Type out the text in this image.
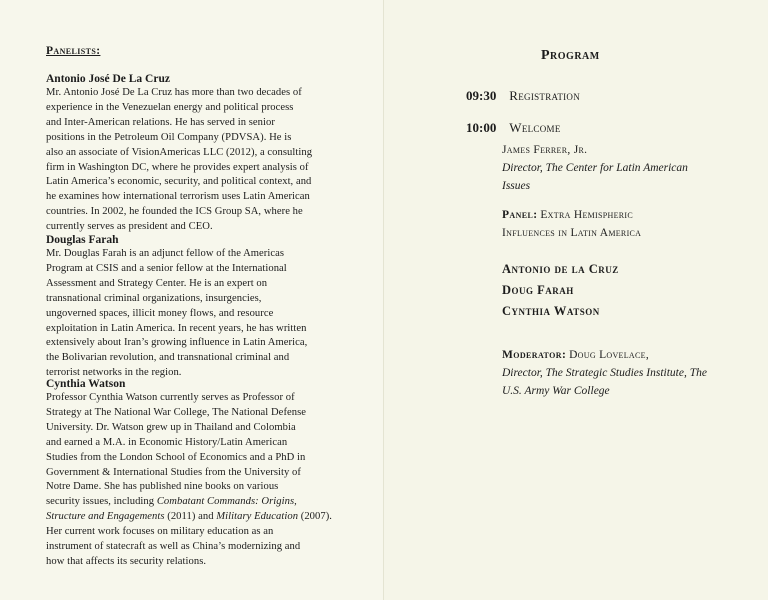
Panelists:
Antonio José De La Cruz
Mr. Antonio José De La Cruz has more than two decades of
experience in the Venezuelan energy and political process
and Inter-American relations. He has served in senior
positions in the Petroleum Oil Company (PDVSA). He is
also an associate of VisionAmericas LLC (2012), a consulting
firm in Washington DC, where he provides expert analysis of
Latin America’s economic, security, and political context, and
he examines how international terrorism uses Latin American
countries. In 2002, he founded the ICS Group SA, where he
currently serves as president and CEO.
Douglas Farah
Mr. Douglas Farah is an adjunct fellow of the Americas
Program at CSIS and a senior fellow at the International
Assessment and Strategy Center. He is an expert on
transnational criminal organizations, insurgencies,
ungoverned spaces, illicit money flows, and resource
exploitation in Latin America. In recent years, he has written
extensively about Iran’s growing influence in Latin America,
the Bolivarian revolution, and transnational criminal and
terrorist networks in the region.
Cynthia Watson
Professor Cynthia Watson currently serves as Professor of
Strategy at The National War College, The National Defense
University. Dr. Watson grew up in Thailand and Colombia
and earned a M.A. in Economic History/Latin American
Studies from the London School of Economics and a PhD in
Government & International Studies from the University of
Notre Dame. She has published nine books on various
security issues, including Combatant Commands: Origins,
Structure and Engagements (2011) and Military Education (2007).
Her current work focuses on military education as an
instrument of statecraft as well as China’s modernizing and
how that affects its security relations.
Program
09:30 Registration
10:00 Welcome
James Ferrer, Jr.
Director, The Center for Latin American
Issues
Panel: Extra Hemispheric
Influences in Latin America
Antonio de la Cruz
Doug Farah
Cynthia Watson
Moderator: Doug Lovelace,
Director, The Strategic Studies Institute, The
U.S. Army War College
